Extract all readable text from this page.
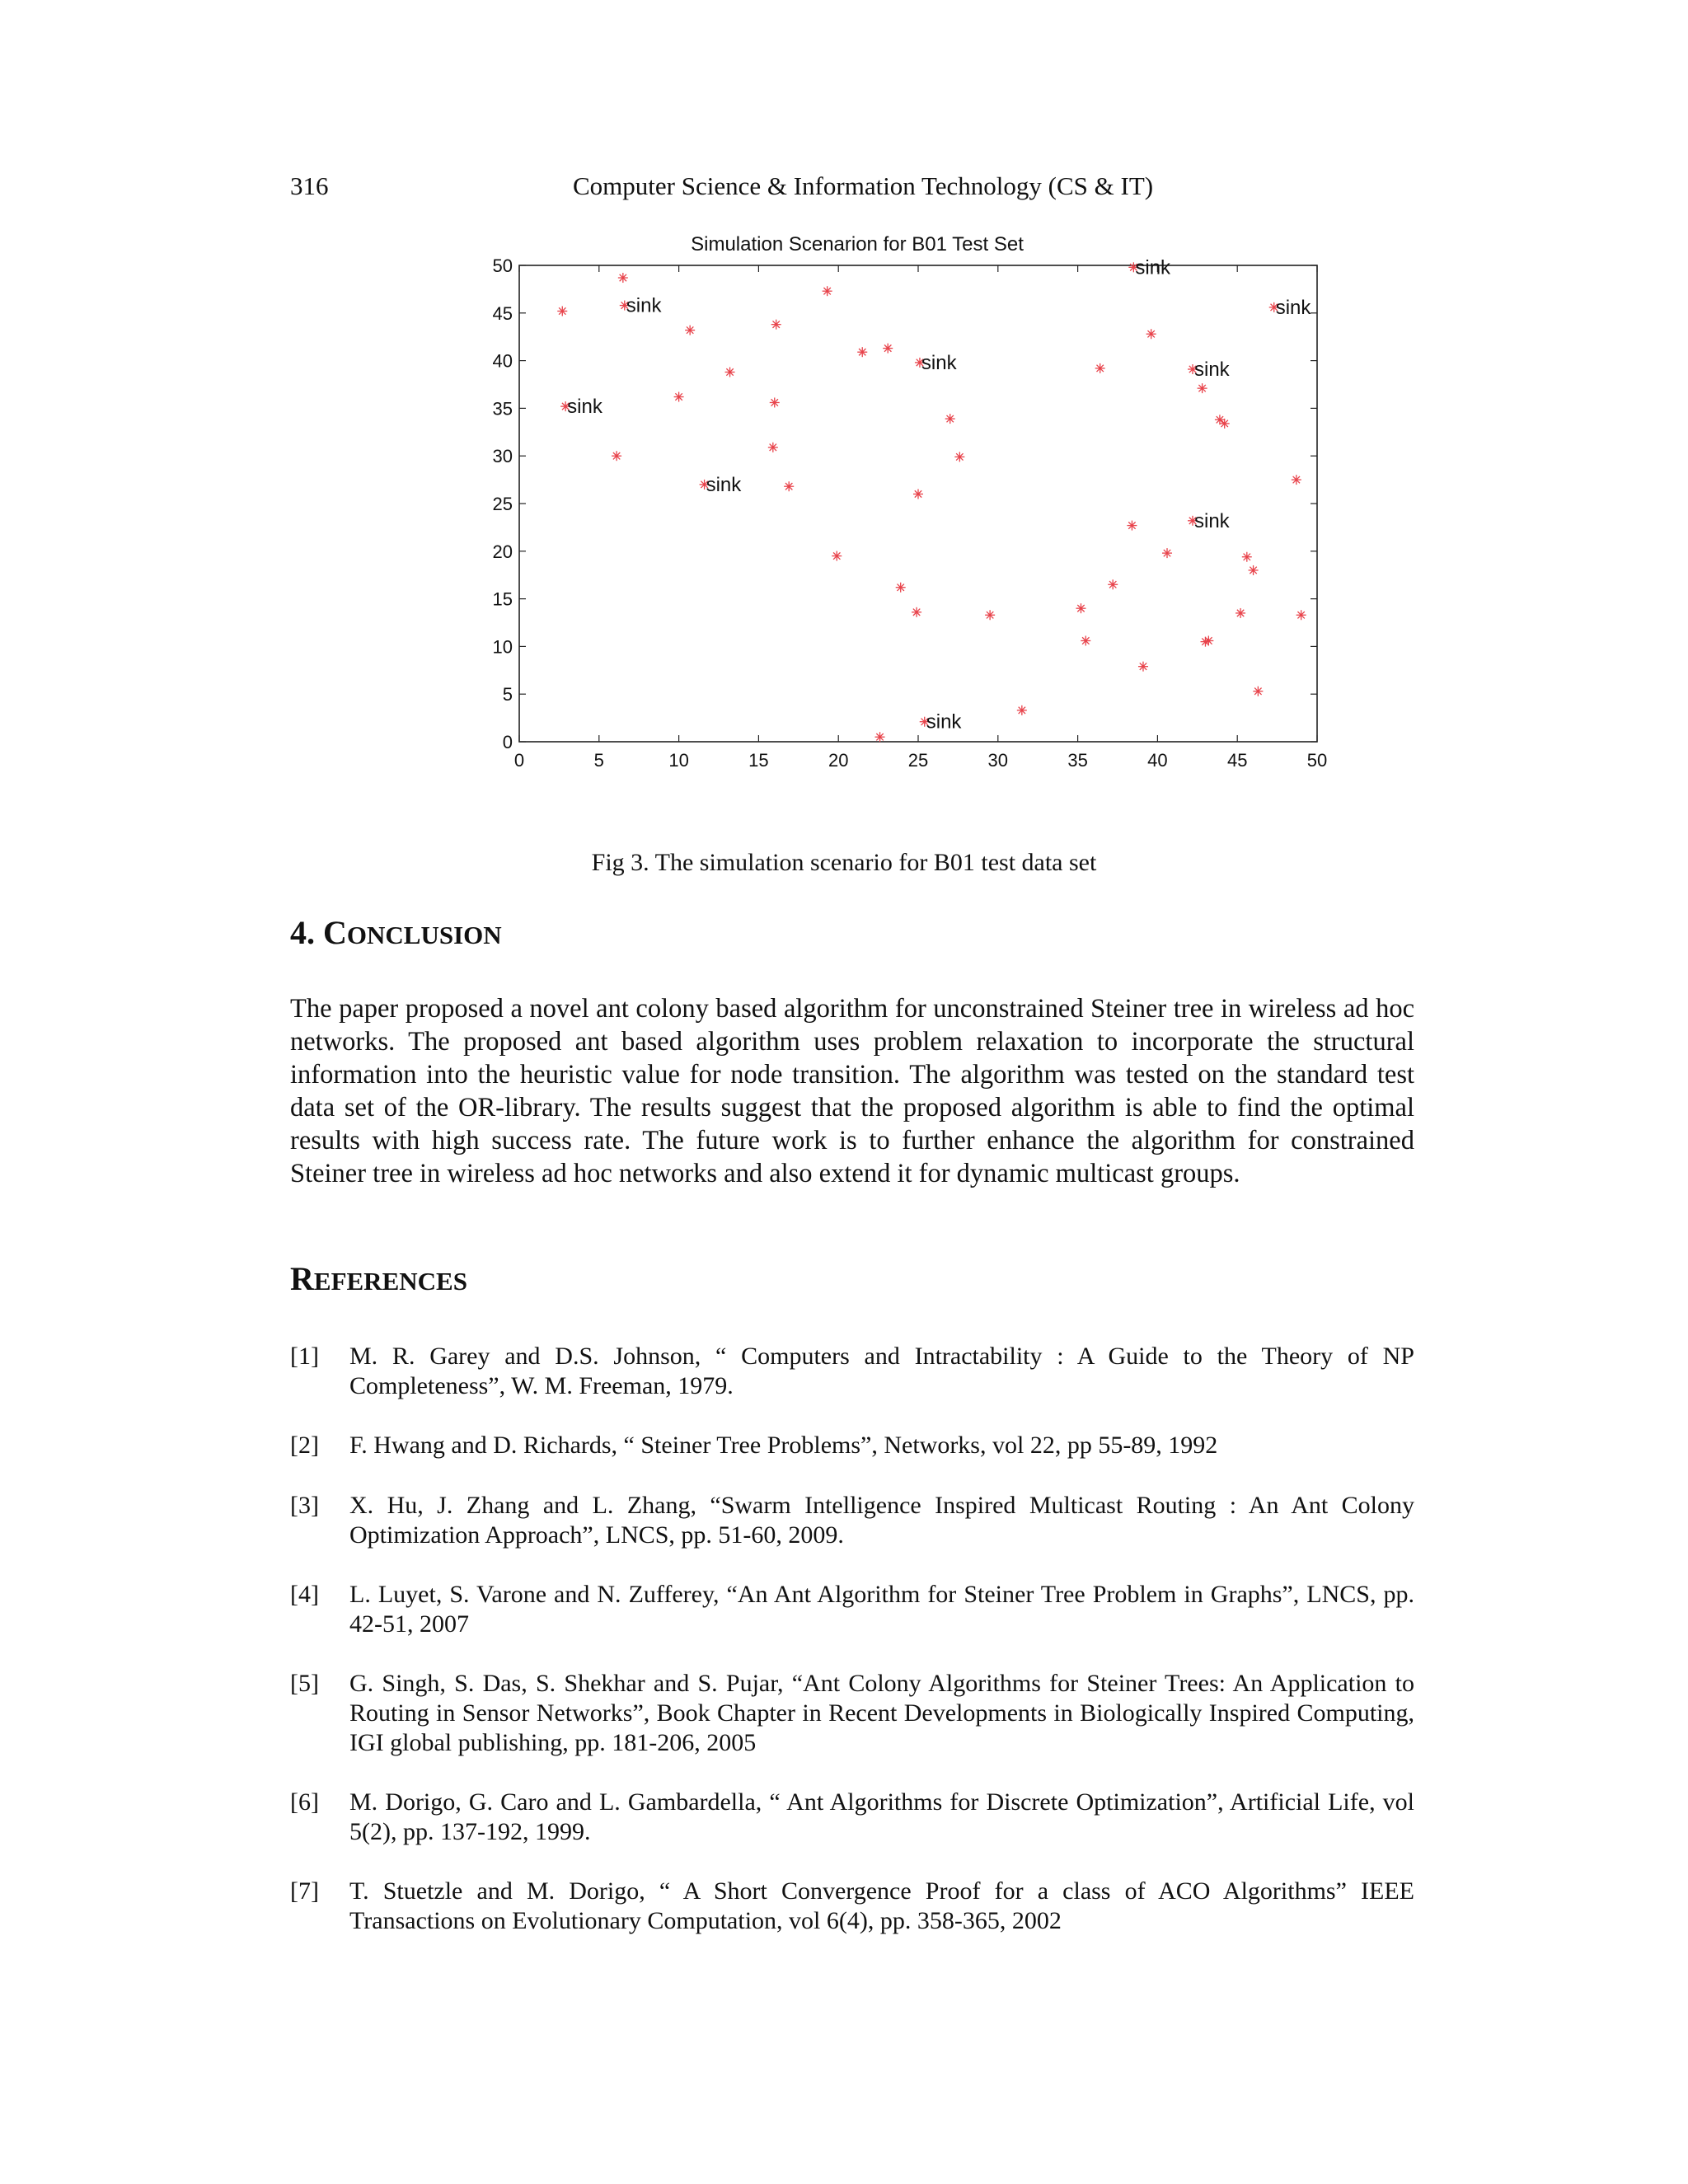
316	Computer Science & Information Technology (CS & IT)
Simulation Scenarion for B01 Test Set
0	5	10	15	20	25	30	35	40	45	50
0
5
10
15
20
25
30
35
40
45
50
sink
sink
sink
sink
sink
sink
sink
sink
sink
Fig 3. The simulation scenario for B01 test data set
4. CONCLUSION
The paper proposed a novel ant colony based algorithm for unconstrained Steiner tree in wireless ad hoc networks. The proposed ant based algorithm uses problem relaxation to incorporate the structural information into the heuristic value for node transition. The algorithm was tested on the standard test data set of the OR-library. The results suggest that the proposed algorithm is able to find the optimal results with high success rate. The future work is to further enhance the algorithm for constrained Steiner tree in wireless ad hoc networks and also extend it for dynamic multicast groups.
REFERENCES
[1] M. R. Garey and D.S. Johnson, “ Computers and Intractability : A Guide to the Theory of NP Completeness”, W. M. Freeman, 1979.
[2] F. Hwang and D. Richards, “ Steiner Tree Problems”, Networks, vol 22, pp 55-89, 1992
[3] X. Hu, J. Zhang and L. Zhang, “Swarm Intelligence Inspired Multicast Routing : An Ant Colony Optimization Approach”, LNCS, pp. 51-60, 2009.
[4] L. Luyet, S. Varone and N. Zufferey, “An Ant Algorithm for Steiner Tree Problem in Graphs”, LNCS, pp. 42-51, 2007
[5] G. Singh, S. Das, S. Shekhar and S. Pujar, “Ant Colony Algorithms for Steiner Trees: An Application to Routing in Sensor Networks”, Book Chapter in Recent Developments in Biologically Inspired Computing, IGI global publishing, pp. 181-206, 2005
[6] M. Dorigo, G. Caro and L. Gambardella, “ Ant Algorithms for Discrete Optimization”, Artificial Life, vol 5(2), pp. 137-192, 1999.
[7] T. Stuetzle and M. Dorigo, “ A Short Convergence Proof for a class of ACO Algorithms” IEEE Transactions on Evolutionary Computation, vol 6(4), pp. 358-365, 2002
